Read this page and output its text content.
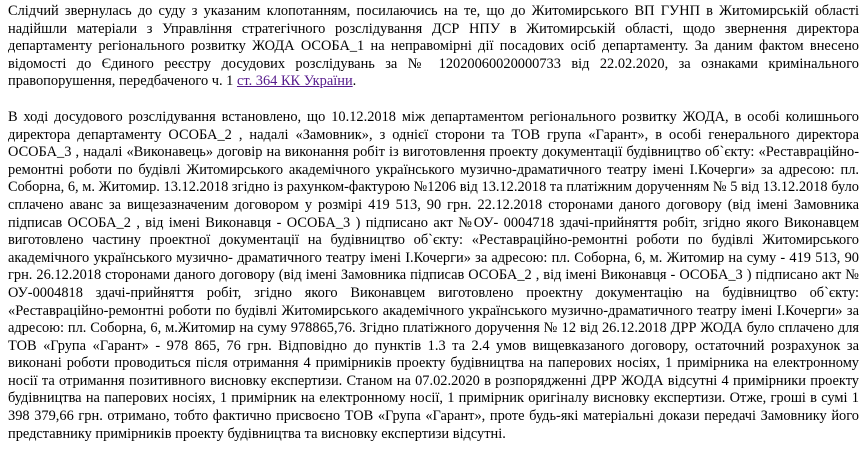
Слідчий звернулась до суду з указаним клопотанням, посилаючись на те, що до Житомирського ВП ГУНП в Житомирській області надійшли матеріали з Управління стратегічного розслідування ДСР НПУ в Житомирській області, щодо звернення директора департаменту регіонального розвитку ЖОДА ОСОБА_1 на неправомірні дії посадових осіб департаменту. За даним фактом внесено відомості до Єдиного реєстру досудових розслідувань за № 12020060020000733 від 22.02.2020, за ознаками кримінального правопорушення, передбаченого ч. 1 ст. 364 КК України.

В ході досудового розслідування встановлено, що 10.12.2018 між департаментом регіонального розвитку ЖОДА, в особі колишнього директора департаменту ОСОБА_2 , надалі «Замовник», з однієї сторони та ТОВ група «Гарант», в особі генерального директора ОСОБА_3 , надалі «Виконавець» договір на виконання робіт із виготовлення проекту документації будівництво об`єкту: «Реставраційно-ремонтні роботи по будівлі Житомирського академічного українського музично-драматичного театру імені І.Кочерги» за адресою: пл. Соборна, 6, м. Житомир. 13.12.2018 згідно із рахунком-фактурою №1206 від 13.12.2018 та платіжним дорученням № 5 від 13.12.2018 було сплачено аванс за вищезазначеним договором у розмірі 419 513, 90 грн. 22.12.2018 сторонами даного договору (від імені Замовника підписав ОСОБА_2 , від імені Виконавця - ОСОБА_3 ) підписано акт №ОУ- 0004718 здачі-прийняття робіт, згідно якого Виконавцем виготовлено частину проектної документації на будівництво об`єкту: «Реставраційно-ремонтні роботи по будівлі Житомирського академічного українського музично- драматичного театру імені І.Кочерги» за адресою: пл. Соборна, 6, м. Житомир на суму - 419 513, 90 грн. 26.12.2018 сторонами даного договору (від імені Замовника підписав ОСОБА_2 , від імені Виконавця - ОСОБА_3 ) підписано акт № ОУ-0004818 здачі-прийняття робіт, згідно якого Виконавцем виготовлено проектну документацію на будівництво об`єкту: «Реставраційно-ремонтні роботи по будівлі Житомирського академічного українського музично-драматичного театру імені І.Кочерги» за адресою: пл. Соборна, 6, м.Житомир на суму 978865,76. Згідно платіжного доручення № 12 від 26.12.2018 ДРР ЖОДА було сплачено для ТОВ «Група «Гарант» - 978 865, 76 грн. Відповідно до пунктів 1.3 та 2.4 умов вищевказаного договору, остаточний розрахунок за виконані роботи проводиться після отримання 4 примірників проекту будівництва на паперових носіях, 1 примірника на електронному носії та отримання позитивного висновку експертизи. Станом на 07.02.2020 в розпорядженні ДРР ЖОДА відсутні 4 примірники проекту будівництва на паперових носіях, 1 примірник на електронному носії, 1 примірник оригіналу висновку експертизи. Отже, гроші в сумі 1 398 379,66 грн. отримано, тобто фактично присвоєно ТОВ «Група «Гарант», проте будь-які матеріальні докази передачі Замовнику його представнику примірників проекту будівництва та висновку експертизи відсутні.
